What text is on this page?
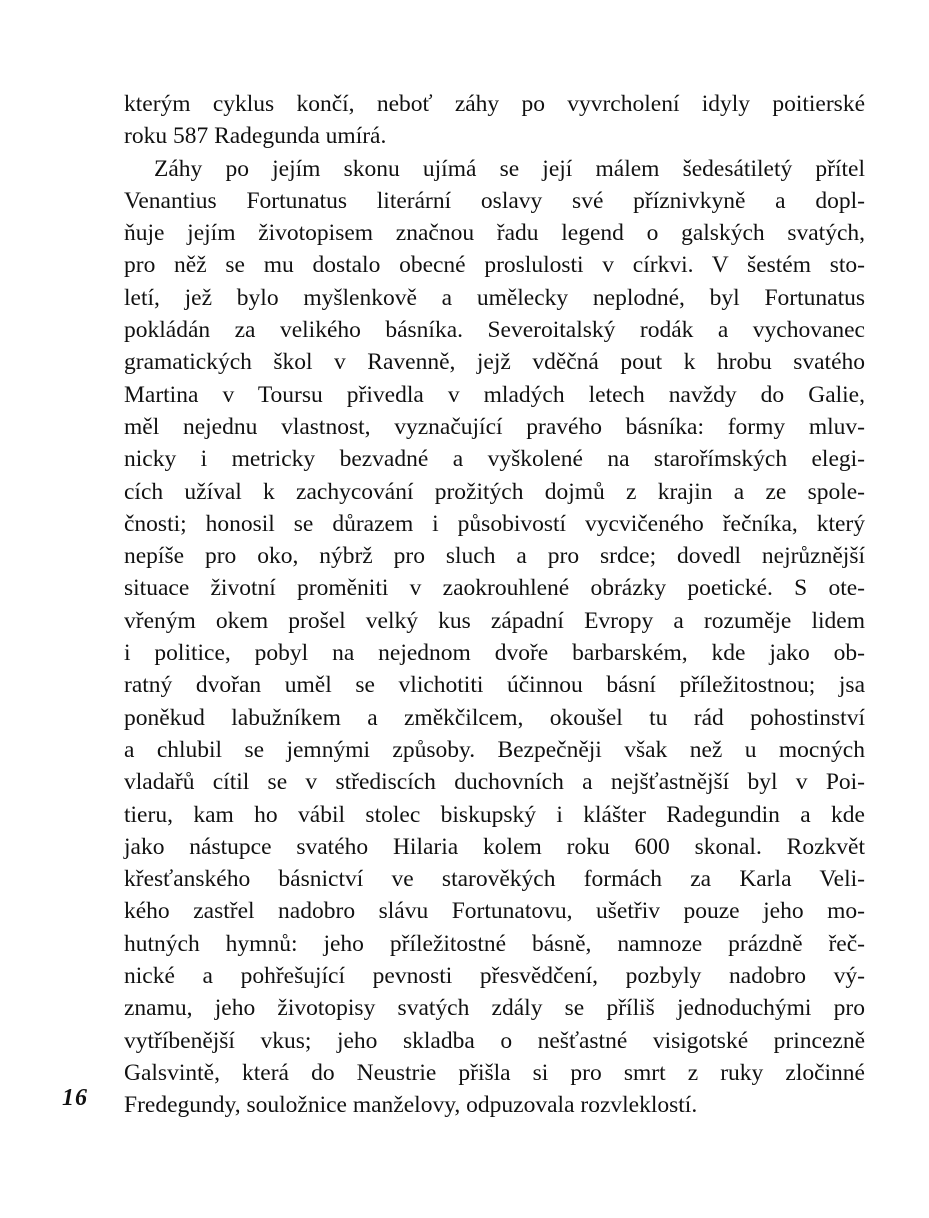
kterým cyklus končí, neboť záhy po vyvrcholení idyly poitierské
roku 587 Radegunda umírá.
Záhy po jejím skonu ujímá se její málem šedesátiletý přítel
Venantius Fortunatus literární oslavy své příznivkyně a dopl-
ňuje jejím životopisem značnou řadu legend o galských svatých,
pro něž se mu dostalo obecné proslulosti v církvi. V šestém sto-
letí, jež bylo myšlenkově a umělecky neplodné, byl Fortunatus
pokládán za velikého básníka. Severoitalský rodák a vychovanec
gramatických škol v Ravenně, jejž vděčná pout k hrobu svatého
Martina v Toursu přivedla v mladých letech navždy do Galie,
měl nejednu vlastnost, vyznačující pravého básníka: formy mluv-
nicky i metricky bezvadné a vyškolené na starořímských elegi-
cích užíval k zachycování prožitých dojmů z krajin a ze spole-
čnosti; honosil se důrazem i působivostí vycvičeného řečníka, který
nepíše pro oko, nýbrž pro sluch a pro srdce; dovedl nejrůznější
situace životní proměniti v zaokrouhlené obrázky poetické. S ote-
vřeným okem prošel velký kus západní Evropy a rozuměje lidem
i politice, pobyl na nejednom dvoře barbarském, kde jako ob-
ratný dvořan uměl se vlichotiti účinnou básní příležitostnou; jsa
poněkud labužníkem a změkčilcem, okoušel tu rád pohostinství
a chlubil se jemnými způsoby. Bezpečněji však než u mocných
vladařů cítil se v střediscích duchovních a nejšťastnější byl v Poi-
tieru, kam ho vábil stolec biskupský i klášter Radegundin a kde
jako nástupce svatého Hilaria kolem roku 600 skonal. Rozkvět
křesťanského básnictví ve starověkých formách za Karla Veli-
kého zastřel nadobro slávu Fortunatovu, ušetřiv pouze jeho mo-
hutných hymnů: jeho příležitostné básně, namnoze prázdně řeč-
nické a pohřešující pevnosti přesvědčení, pozbyly nadobro vý-
znamu, jeho životopisy svatých zdály se příliš jednoduchými pro
vytříbenější vkus; jeho skladba o nešťastné visigotské princezně
Galsvintě, která do Neustrie přišla si pro smrt z ruky zločinné
Fredegundy, souložnice manželovy, odpuzovala rozvleklostí.
16
